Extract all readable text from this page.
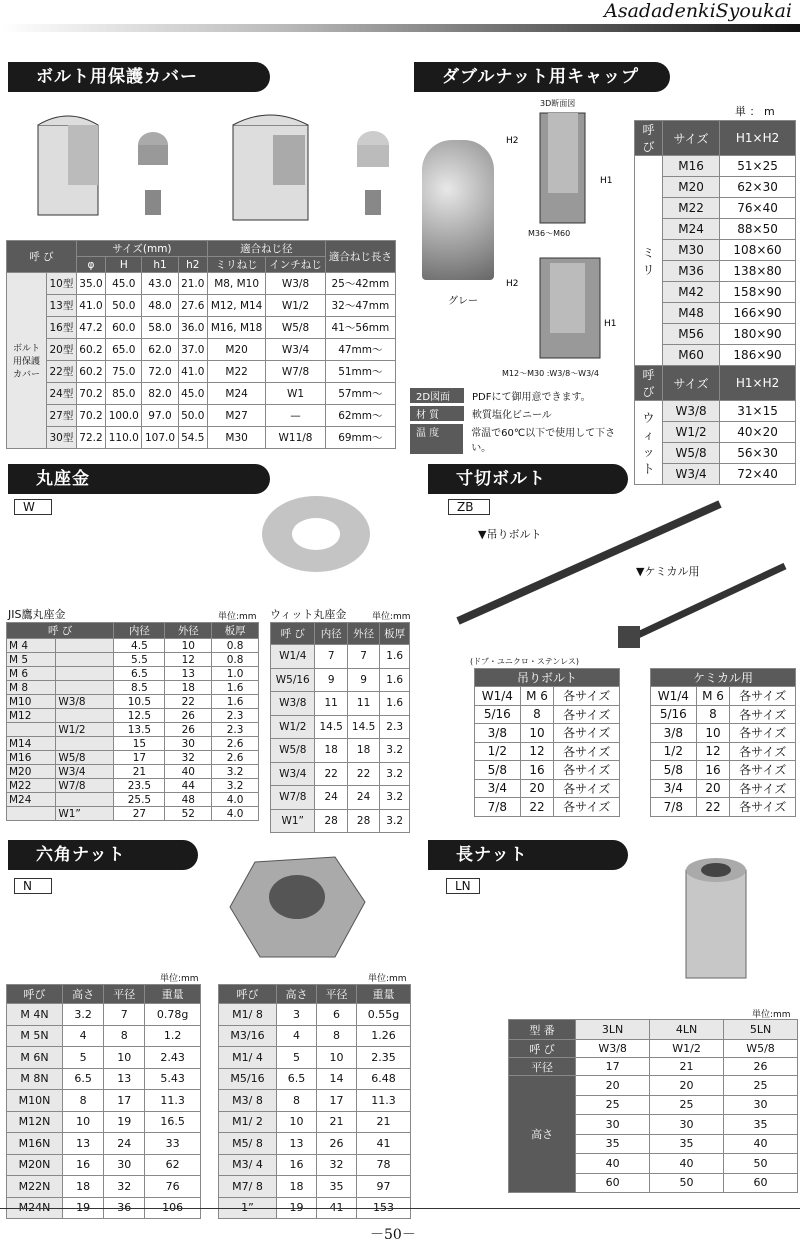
AsadadenkiSyoukai
ボルト用保護カバー
呼 び		サイズ(mm)				適合ねじ径		適合ねじ長さ
		φ	H	h1	h2	ミリねじ	インチねじ	
ボルト用保護カバー	10型	35.0	45.0	43.0	21.0	M8, M10	W3/8	25～42mm
	13型	41.0	50.0	48.0	27.6	M12, M14	W1/2	32～47mm
	16型	47.2	60.0	58.0	36.0	M16, M18	W5/8	41～56mm
	20型	60.2	65.0	62.0	37.0	M20	W3/4	47mm～
	22型	60.2	75.0	72.0	41.0	M22	W7/8	51mm～
	24型	70.2	85.0	82.0	45.0	M24	W1	57mm～
	27型	70.2	100.0	97.0	50.0	M27	—	62mm～
	30型	72.2	110.0	107.0	54.5	M30	W11/8	69mm～
ダブルナット用キャップ
単 ： m
グレー
3D断面図
H2
H1
H2
H1
M36～M60
M12～M30 :W3/8～W3/4
2D図面	PDFにて御用意できます。
材 質	軟質塩化ビニール
温 度	常温で60℃以下で使用して下さい。
呼び	サイズ	H1×H2
ミ
リ	M16	51×25
	M20	62×30
	M22	76×40
	M24	88×50
	M30	108×60
	M36	138×80
	M42	158×90
	M48	166×90
	M56	180×90
	M60	186×90
呼び	サイズ	H1×H2
ウ
ィ
ッ
ト	W3/8	31×15
	W1/2	40×20
	W5/8	56×30
	W3/4	72×40
丸座金
W
JIS鷹丸座金	単位:mm ウィット丸座金	単位:mm
呼 び		内径	外径	板厚
M 4		4.5	10	0.8
M 5		5.5	12	0.8
M 6		6.5	13	1.0
M 8		8.5	18	1.6
M10	W3/8	10.5	22	1.6
M12		12.5	26	2.3
	W1/2	13.5	26	2.3
M14		15	30	2.6
M16	W5/8	17	32	2.6
M20	W3/4	21	40	3.2
M22	W7/8	23.5	44	3.2
M24		25.5	48	4.0
	W1”	27	52	4.0
呼 び	内径	外径	板厚
W1/4	7	7	1.6
W5/16	9	9	1.6
W3/8	11	11	1.6
W1/2	14.5	14.5	2.3
W5/8	18	18	3.2
W3/4	22	22	3.2
W7/8	24	24	3.2
W1”	28	28	3.2
寸切ボルト
ZB
▼吊りボルト
▼ケミカル用
(ドブ・ユニクロ・ステンレス)
吊りボルト		
W1/4	M 6	各サイズ
5/16	8	各サイズ
3/8	10	各サイズ
1/2	12	各サイズ
5/8	16	各サイズ
3/4	20	各サイズ
7/8	22	各サイズ
ケミカル用		
W1/4	M 6	各サイズ
5/16	8	各サイズ
3/8	10	各サイズ
1/2	12	各サイズ
5/8	16	各サイズ
3/4	20	各サイズ
7/8	22	各サイズ
六角ナット
N
単位:mm	単位:mm
呼び	高さ	平径	重量
M 4N	3.2	7	0.78g
M 5N	4	8	1.2
M 6N	5	10	2.43
M 8N	6.5	13	5.43
M10N	8	17	11.3
M12N	10	19	16.5
M16N	13	24	33
M20N	16	30	62
M22N	18	32	76
M24N	19	36	106
呼び	高さ	平径	重量
M1/ 8	3	6	0.55g
M3/16	4	8	1.26
M1/ 4	5	10	2.35
M5/16	6.5	14	6.48
M3/ 8	8	17	11.3
M1/ 2	10	21	21
M5/ 8	13	26	41
M3/ 4	16	32	78
M7/ 8	18	35	97
1”	19	41	153
長ナット
LN
単位:mm
型 番	3LN	4LN	5LN
呼 び	W3/8	W1/2	W5/8
平径	17	21	26
高さ	20	20	25
	25	25	30
	30	30	35
	35	35	40
	40	40	50
	60	50	60
－50－
